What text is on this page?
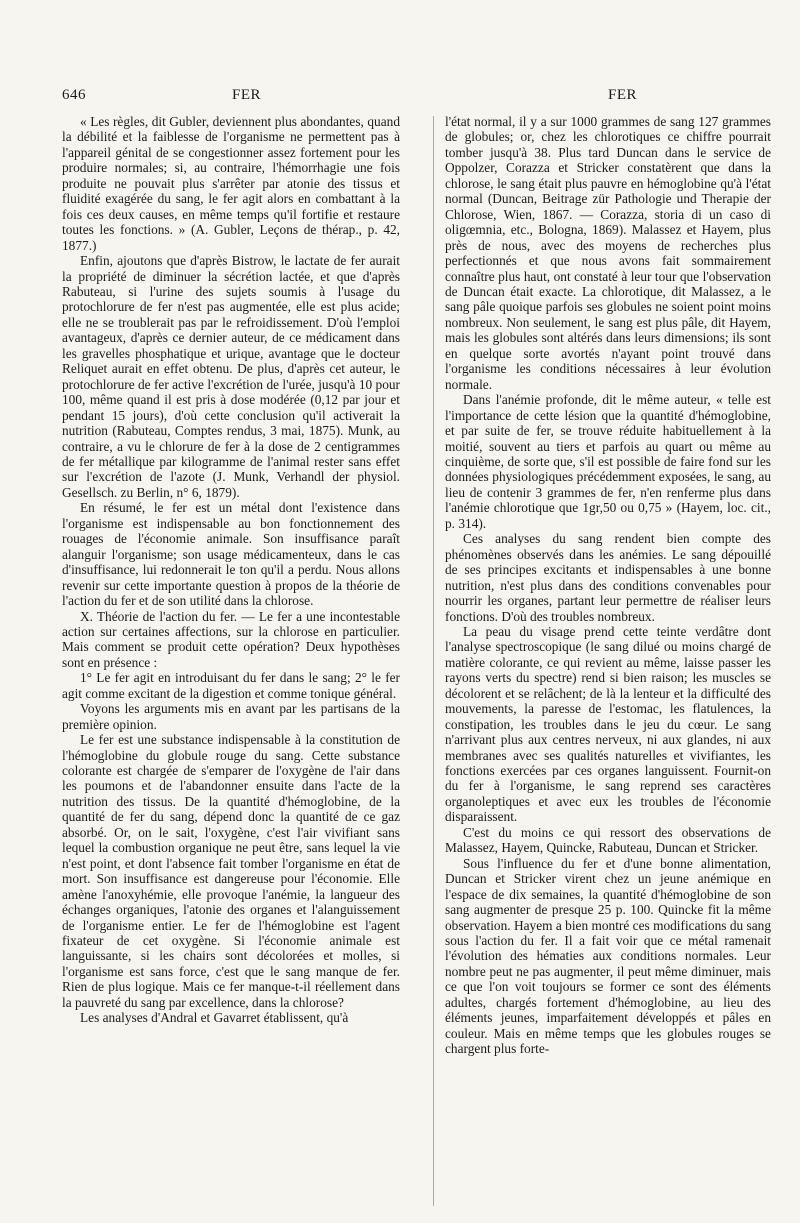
646	FER	FER

« Les règles, dit Gubler, deviennent plus abondantes, quand la débilité et la faiblesse de l'organisme ne permettent pas à l'appareil génital de se congestionner assez fortement pour les produire normales; si, au contraire, l'hémorrhagie une fois produite ne pouvait plus s'arrêter par atonie des tissus et fluidité exagérée du sang, le fer agit alors en combattant à la fois ces deux causes, en même temps qu'il fortifie et restaure toutes les fonctions. » (A. Gubler, Leçons de thérap., p. 42, 1877.)

Enfin, ajoutons que d'après Bistrow, le lactate de fer aurait la propriété de diminuer la sécrétion lactée, et que d'après Rabuteau, si l'urine des sujets soumis à l'usage du protochlorure de fer n'est pas augmentée, elle est plus acide; elle ne se troublerait pas par le refroidissement. D'où l'emploi avantageux, d'après ce dernier auteur, de ce médicament dans les gravelles phosphatique et urique, avantage que le docteur Reliquet aurait en effet obtenu. De plus, d'après cet auteur, le protochlorure de fer active l'excrétion de l'urée, jusqu'à 10 pour 100, même quand il est pris à dose modérée (0,12 par jour et pendant 15 jours), d'où cette conclusion qu'il activerait la nutrition (Rabuteau, Comptes rendus, 3 mai, 1875). Munk, au contraire, a vu le chlorure de fer à la dose de 2 centigrammes de fer métallique par kilogramme de l'animal rester sans effet sur l'excrétion de l'azote (J. Munk, Verhandl der physiol. Gesellsch. zu Berlin, n° 6, 1879).

En résumé, le fer est un métal dont l'existence dans l'organisme est indispensable au bon fonctionnement des rouages de l'économie animale. Son insuffisance paraît alanguir l'organisme; son usage médicamenteux, dans le cas d'insuffisance, lui redonnerait le ton qu'il a perdu. Nous allons revenir sur cette importante question à propos de la théorie de l'action du fer et de son utilité dans la chlorose.

X. Théorie de l'action du fer. — Le fer a une incontestable action sur certaines affections, sur la chlorose en particulier. Mais comment se produit cette opération? Deux hypothèses sont en présence :

1° Le fer agit en introduisant du fer dans le sang; 2° le fer agit comme excitant de la digestion et comme tonique général.

Voyons les arguments mis en avant par les partisans de la première opinion.

Le fer est une substance indispensable à la constitution de l'hémoglobine du globule rouge du sang. Cette substance colorante est chargée de s'emparer de l'oxygène de l'air dans les poumons et de l'abandonner ensuite dans l'acte de la nutrition des tissus. De la quantité d'hémoglobine, de la quantité de fer du sang, dépend donc la quantité de ce gaz absorbé. Or, on le sait, l'oxygène, c'est l'air vivifiant sans lequel la combustion organique ne peut être, sans lequel la vie n'est point, et dont l'absence fait tomber l'organisme en état de mort. Son insuffisance est dangereuse pour l'économie. Elle amène l'anoxyhémie, elle provoque l'anémie, la langueur des échanges organiques, l'atonie des organes et l'alanguissement de l'organisme entier. Le fer de l'hémoglobine est l'agent fixateur de cet oxygène. Si l'économie animale est languissante, si les chairs sont décolorées et molles, si l'organisme est sans force, c'est que le sang manque de fer. Rien de plus logique. Mais ce fer manque-t-il réellement dans la pauvreté du sang par excellence, dans la chlorose?

Les analyses d'Andral et Gavarret établissent, qu'à

l'état normal, il y a sur 1000 grammes de sang 127 grammes de globules; or, chez les chlorotiques ce chiffre pourrait tomber jusqu'à 38. Plus tard Duncan dans le service de Oppolzer, Corazza et Stricker constatèrent que dans la chlorose, le sang était plus pauvre en hémoglobine qu'à l'état normal (Duncan, Beitrage zür Pathologie und Therapie der Chlorose, Wien, 1867. — Corazza, storia di un caso di oligœmnia, etc., Bologna, 1869). Malassez et Hayem, plus près de nous, avec des moyens de recherches plus perfectionnés et que nous avons fait sommairement connaître plus haut, ont constaté à leur tour que l'observation de Duncan était exacte. La chlorotique, dit Malassez, a le sang pâle quoique parfois ses globules ne soient point moins nombreux. Non seulement, le sang est plus pâle, dit Hayem, mais les globules sont altérés dans leurs dimensions; ils sont en quelque sorte avortés n'ayant point trouvé dans l'organisme les conditions nécessaires à leur évolution normale.

Dans l'anémie profonde, dit le même auteur, « telle est l'importance de cette lésion que la quantité d'hémoglobine, et par suite de fer, se trouve réduite habituellement à la moitié, souvent au tiers et parfois au quart ou même au cinquième, de sorte que, s'il est possible de faire fond sur les données physiologiques précédemment exposées, le sang, au lieu de contenir 3 grammes de fer, n'en renferme plus dans l'anémie chlorotique que 1gr,50 ou 0,75 » (Hayem, loc. cit., p. 314).

Ces analyses du sang rendent bien compte des phénomènes observés dans les anémies. Le sang dépouillé de ses principes excitants et indispensables à une bonne nutrition, n'est plus dans des conditions convenables pour nourrir les organes, partant leur permettre de réaliser leurs fonctions. D'où des troubles nombreux.

La peau du visage prend cette teinte verdâtre dont l'analyse spectroscopique (le sang dilué ou moins chargé de matière colorante, ce qui revient au même, laisse passer les rayons verts du spectre) rend si bien raison; les muscles se décolorent et se relâchent; de là la lenteur et la difficulté des mouvements, la paresse de l'estomac, les flatulences, la constipation, les troubles dans le jeu du cœur. Le sang n'arrivant plus aux centres nerveux, ni aux glandes, ni aux membranes avec ses qualités naturelles et vivifiantes, les fonctions exercées par ces organes languissent. Fournit-on du fer à l'organisme, le sang reprend ses caractères organoleptiques et avec eux les troubles de l'économie disparaissent.

C'est du moins ce qui ressort des observations de Malassez, Hayem, Quincke, Rabuteau, Duncan et Stricker.

Sous l'influence du fer et d'une bonne alimentation, Duncan et Stricker virent chez un jeune anémique en l'espace de dix semaines, la quantité d'hémoglobine de son sang augmenter de presque 25 p. 100. Quincke fit la même observation. Hayem a bien montré ces modifications du sang sous l'action du fer. Il a fait voir que ce métal ramenait l'évolution des hématies aux conditions normales. Leur nombre peut ne pas augmenter, il peut même diminuer, mais ce que l'on voit toujours se former ce sont des éléments adultes, chargés fortement d'hémoglobine, au lieu des éléments jeunes, imparfaitement développés et pâles en couleur. Mais en même temps que les globules rouges se chargent plus forte-
